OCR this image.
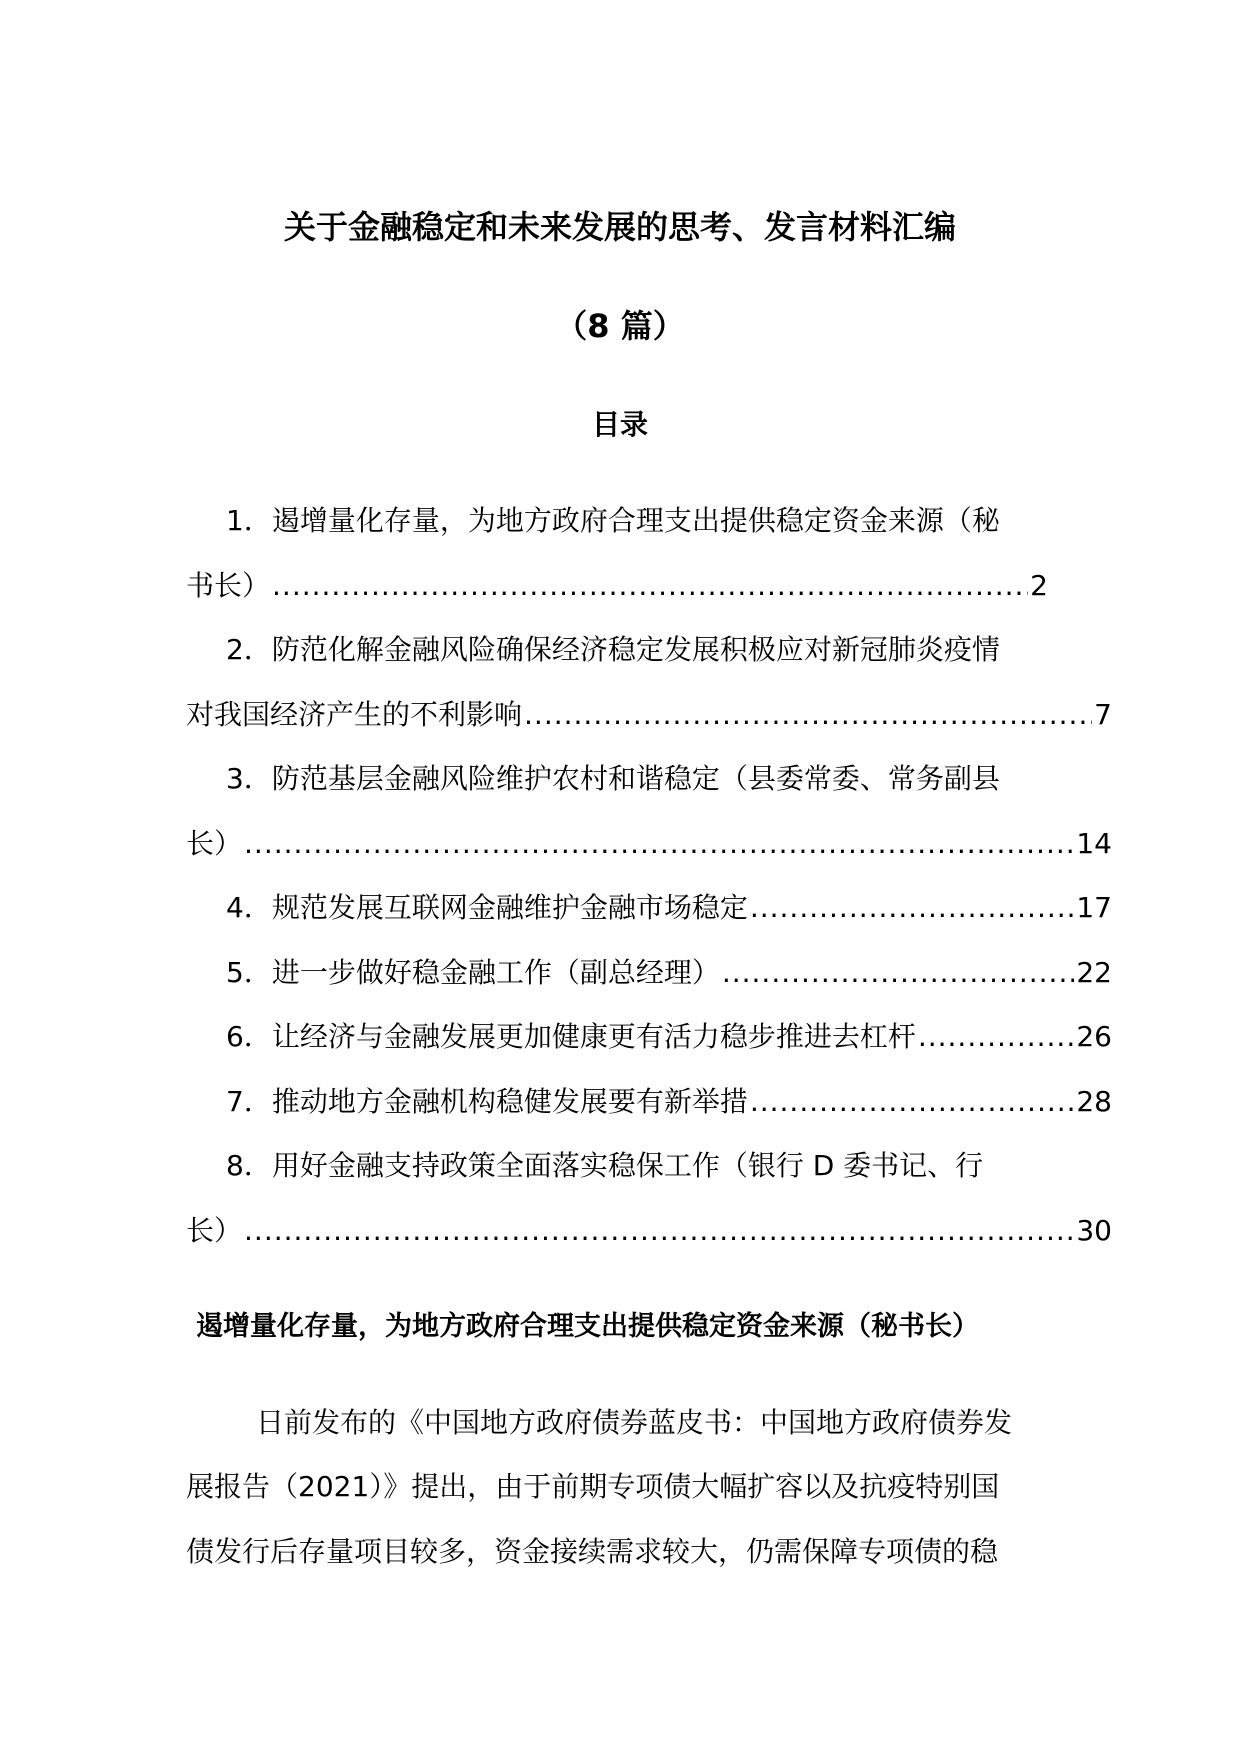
关于金融稳定和未来发展的思考、发言材料汇编
（8 篇）
目录
1．遏增量化存量，为地方政府合理支出提供稳定资金来源（秘
书长） .....	2
2．防范化解金融风险确保经济稳定发展积极应对新冠肺炎疫情
对我国经济产生的不利影响 .....	7
3．防范基层金融风险维护农村和谐稳定（县委常委、常务副县
长） .....	14
4．规范发展互联网金融维护金融市场稳定 .....	17
5．进一步做好稳金融工作（副总经理） .....	22
6．让经济与金融发展更加健康更有活力稳步推进去杠杆 .....	26
7．推动地方金融机构稳健发展要有新举措 .....	28
8．用好金融支持政策全面落实稳保工作（银行 D 委书记、行
长） .....	30
遏增量化存量，为地方政府合理支出提供稳定资金来源（秘书长）
日前发布的《中国地方政府债券蓝皮书：中国地方政府债券发
展报告（2021）》提出，由于前期专项债大幅扩容以及抗疫特别国
债发行后存量项目较多，资金接续需求较大，仍需保障专项债的稳
